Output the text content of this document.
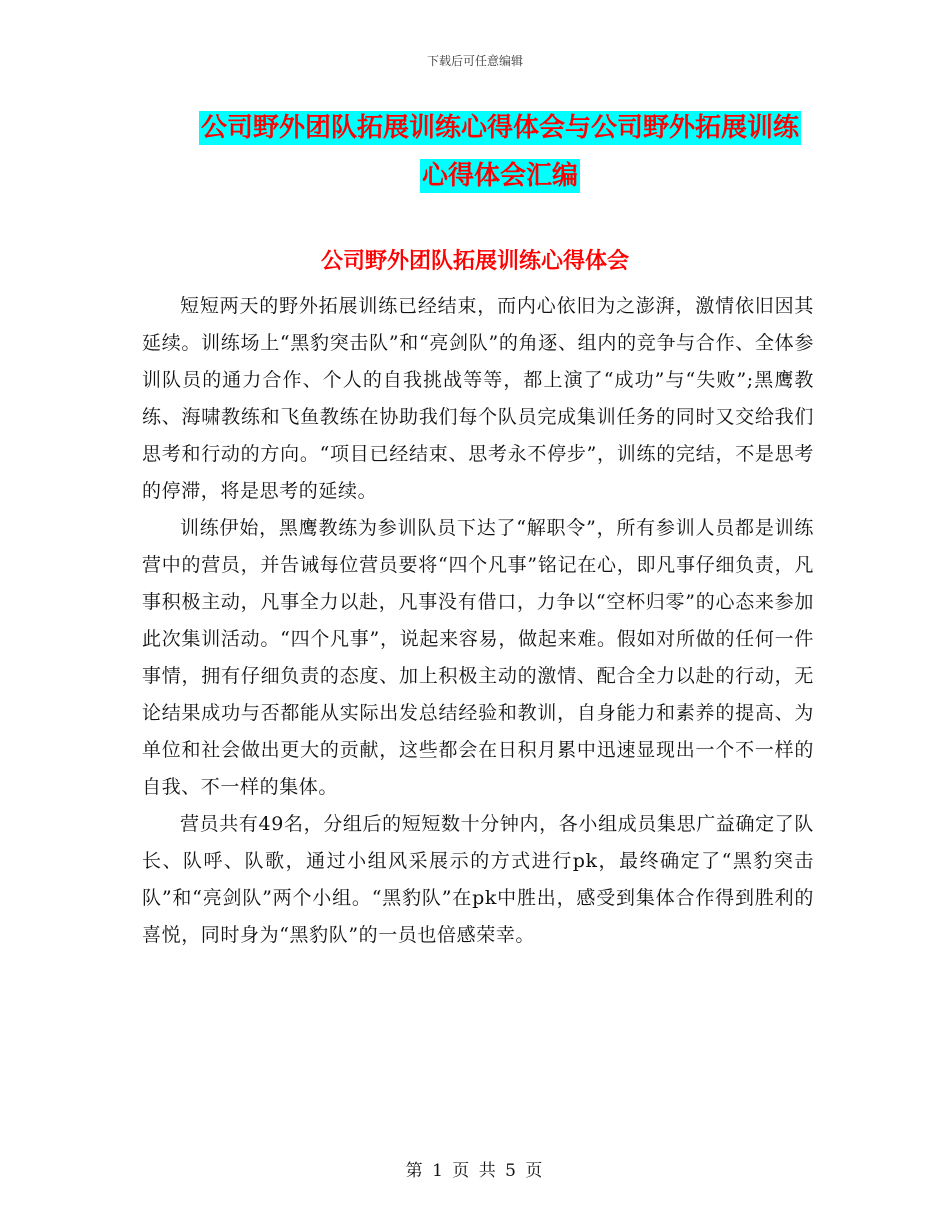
下载后可任意编辑
公司野外团队拓展训练心得体会与公司野外拓展训练
心得体会汇编
公司野外团队拓展训练心得体会

短短两天的野外拓展训练已经结束，而内心依旧为之澎湃，激情依旧因其延续。训练场上“黑豹突击队”和“亮剑队”的角逐、组内的竞争与合作、全体参训队员的通力合作、个人的自我挑战等等，都上演了“成功”与“失败”;黑鹰教练、海啸教练和飞鱼教练在协助我们每个队员完成集训任务的同时又交给我们思考和行动的方向。“项目已经结束、思考永不停步”，训练的完结，不是思考的停滞，将是思考的延续。

训练伊始，黑鹰教练为参训队员下达了“解职令”，所有参训人员都是训练营中的营员，并告诫每位营员要将“四个凡事”铭记在心，即凡事仔细负责，凡事积极主动，凡事全力以赴，凡事没有借口，力争以“空杯归零”的心态来参加此次集训活动。“四个凡事”，说起来容易，做起来难。假如对所做的任何一件事情，拥有仔细负责的态度、加上积极主动的激情、配合全力以赴的行动，无论结果成功与否都能从实际出发总结经验和教训，自身能力和素养的提高、为单位和社会做出更大的贡献，这些都会在日积月累中迅速显现出一个不一样的自我、不一样的集体。

营员共有49名，分组后的短短数十分钟内，各小组成员集思广益确定了队长、队呼、队歌，通过小组风采展示的方式进行pk，最终确定了“黑豹突击队”和“亮剑队”两个小组。“黑豹队”在pk中胜出，感受到集体合作得到胜利的喜悦，同时身为“黑豹队”的一员也倍感荣幸。

第 1 页 共 5 页
